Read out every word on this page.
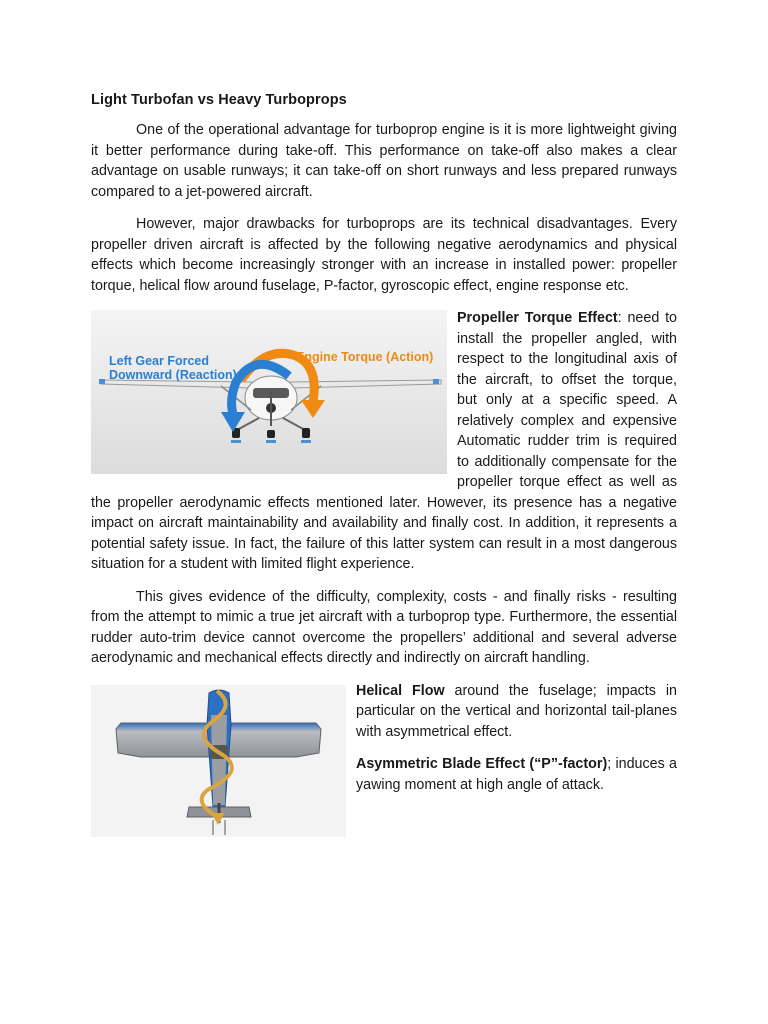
Light Turbofan vs Heavy Turboprops

One of the operational advantage for turboprop engine is it is more lightweight giving it better performance during take-off. This performance on take-off also makes a clear advantage on usable runways; it can take-off on short runways and less prepared runways compared to a jet-powered aircraft.

However, major drawbacks for turboprops are its technical disadvantages. Every propeller driven aircraft is affected by the following negative aerodynamics and physical effects which become increasingly stronger with an increase in installed power: propeller torque, helical flow around fuselage, P-factor, gyroscopic effect, engine response etc.

Left Gear Forced Downward (Reaction)
Engine Torque (Action)

Propeller Torque Effect: need to install the propeller angled, with respect to the longitudinal axis of the aircraft, to offset the torque, but only at a specific speed. A relatively complex and expensive Automatic rudder trim is required to additionally compensate for the propeller torque effect as well as the propeller aerodynamic effects mentioned later. However, its presence has a negative impact on aircraft maintainability and availability and finally cost. In addition, it represents a potential safety issue. In fact, the failure of this latter system can result in a most dangerous situation for a student with limited flight experience.

This gives evidence of the difficulty, complexity, costs - and finally risks - resulting from the attempt to mimic a true jet aircraft with a turboprop type. Furthermore, the essential rudder auto-trim device cannot overcome the propellers’ additional and several adverse aerodynamic and mechanical effects directly and indirectly on aircraft handling.

Helical Flow around the fuselage; impacts in particular on the vertical and horizontal tail-planes with asymmetrical effect.

Asymmetric Blade Effect (“P”-factor); induces a yawing moment at high angle of attack.
